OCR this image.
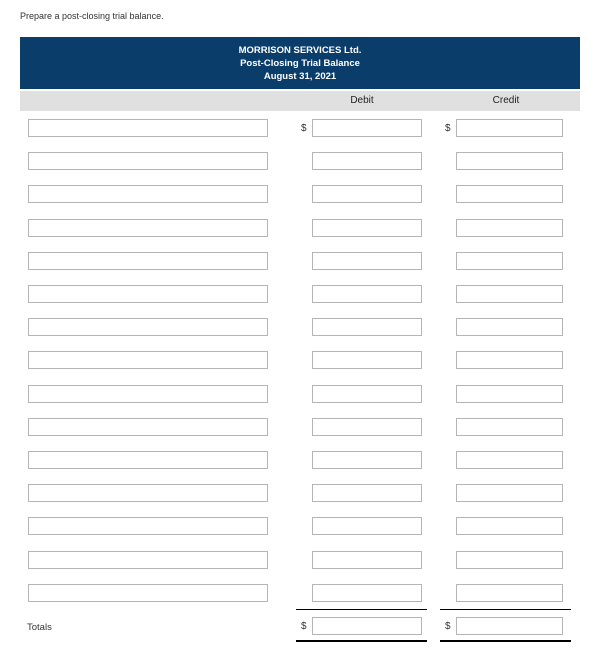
Prepare a post-closing trial balance.
MORRISON SERVICES Ltd.
Post-Closing Trial Balance
August 31, 2021
Debit	Credit
$	$
Totals	$	$
